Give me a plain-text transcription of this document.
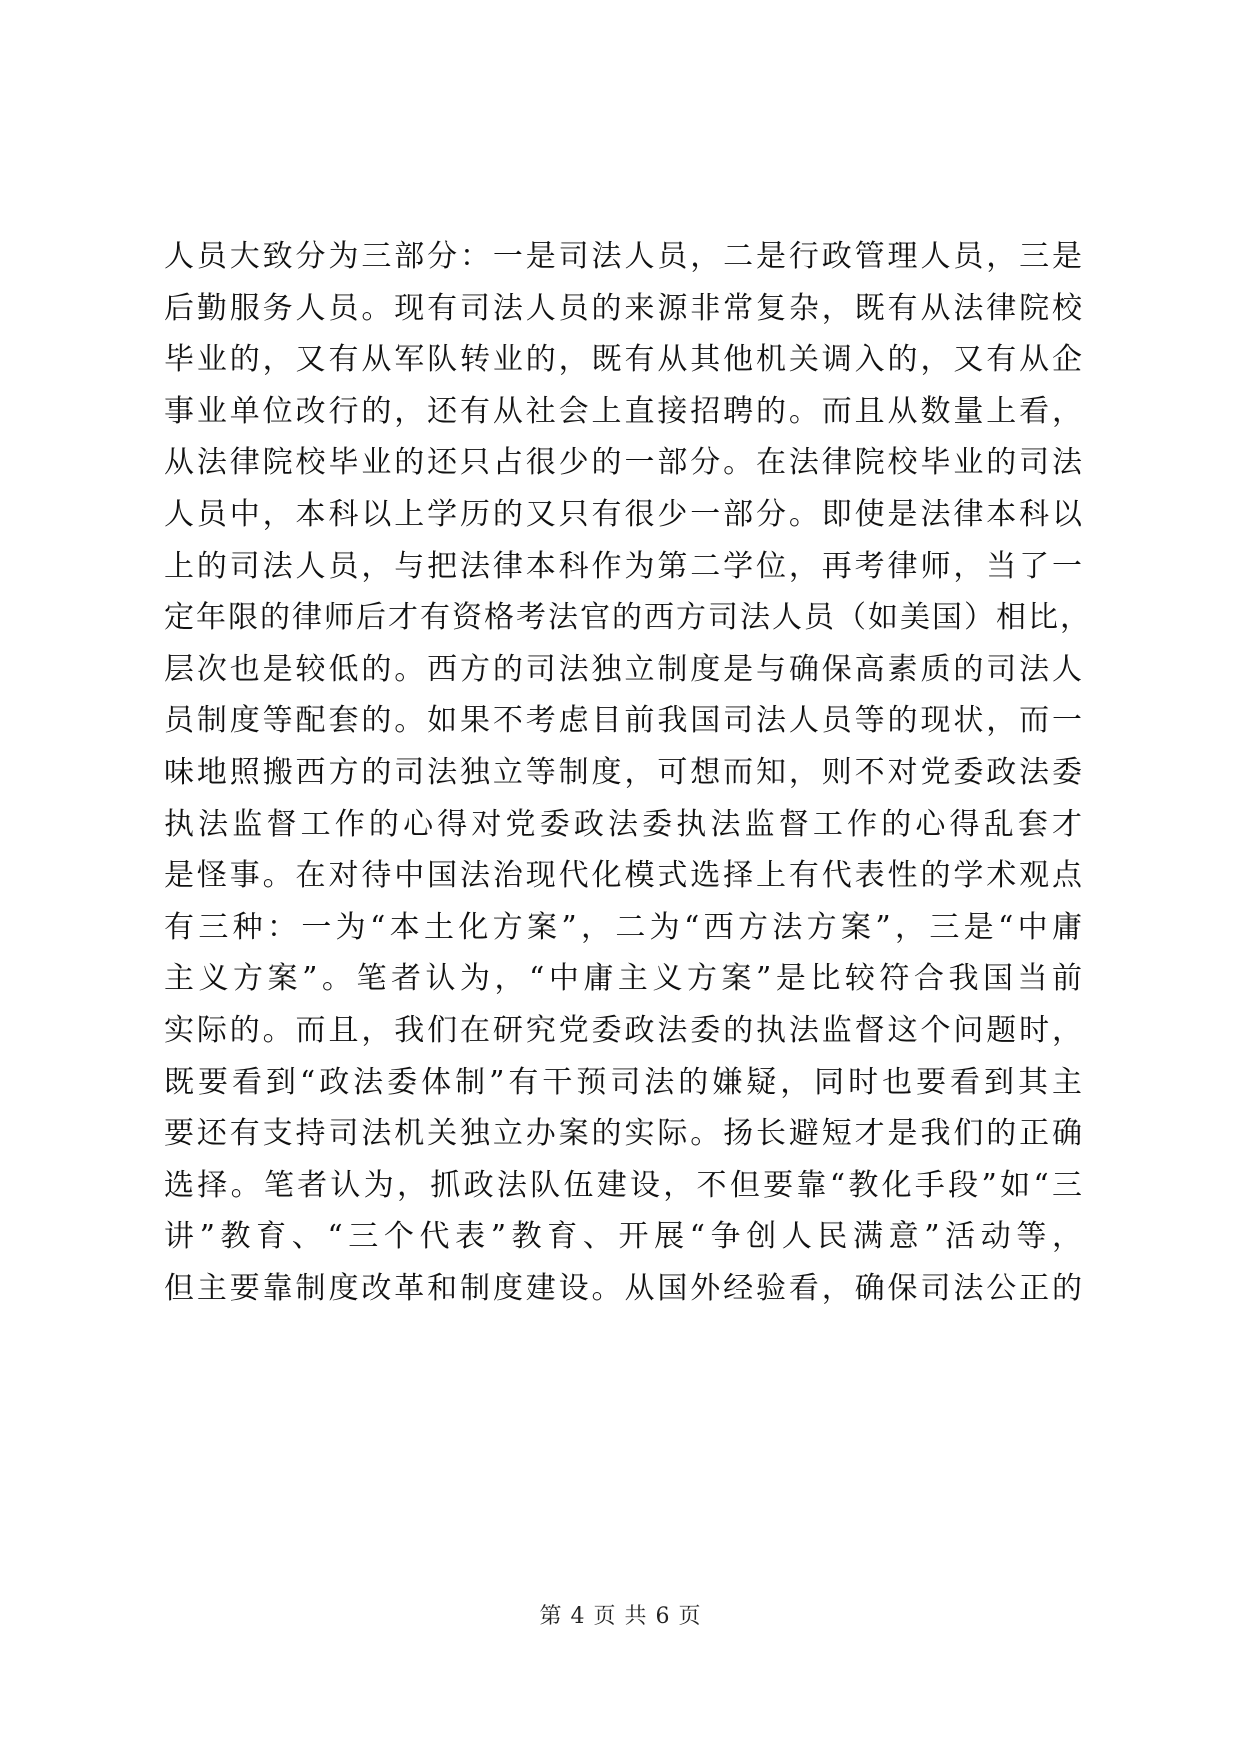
人员大致分为三部分：一是司法人员，二是行政管理人员，三是
后勤服务人员。现有司法人员的来源非常复杂，既有从法律院校
毕业的，又有从军队转业的，既有从其他机关调入的，又有从企
事业单位改行的，还有从社会上直接招聘的。而且从数量上看，
从法律院校毕业的还只占很少的一部分。在法律院校毕业的司法
人员中，本科以上学历的又只有很少一部分。即使是法律本科以
上的司法人员，与把法律本科作为第二学位，再考律师，当了一
定年限的律师后才有资格考法官的西方司法人员（如美国）相比，
层次也是较低的。西方的司法独立制度是与确保高素质的司法人
员制度等配套的。如果不考虑目前我国司法人员等的现状，而一
味地照搬西方的司法独立等制度，可想而知，则不对党委政法委
执法监督工作的心得对党委政法委执法监督工作的心得乱套才
是怪事。在对待中国法治现代化模式选择上有代表性的学术观点
有三种：一为“本土化方案”，二为“西方法方案”，三是“中庸
主义方案”。笔者认为，“中庸主义方案”是比较符合我国当前
实际的。而且，我们在研究党委政法委的执法监督这个问题时，
既要看到“政法委体制”有干预司法的嫌疑，同时也要看到其主
要还有支持司法机关独立办案的实际。扬长避短才是我们的正确
选择。笔者认为，抓政法队伍建设，不但要靠“教化手段”如“三
讲”教育、“三个代表”教育、开展“争创人民满意”活动等，
但主要靠制度改革和制度建设。从国外经验看，确保司法公正的
第 4 页 共 6 页
